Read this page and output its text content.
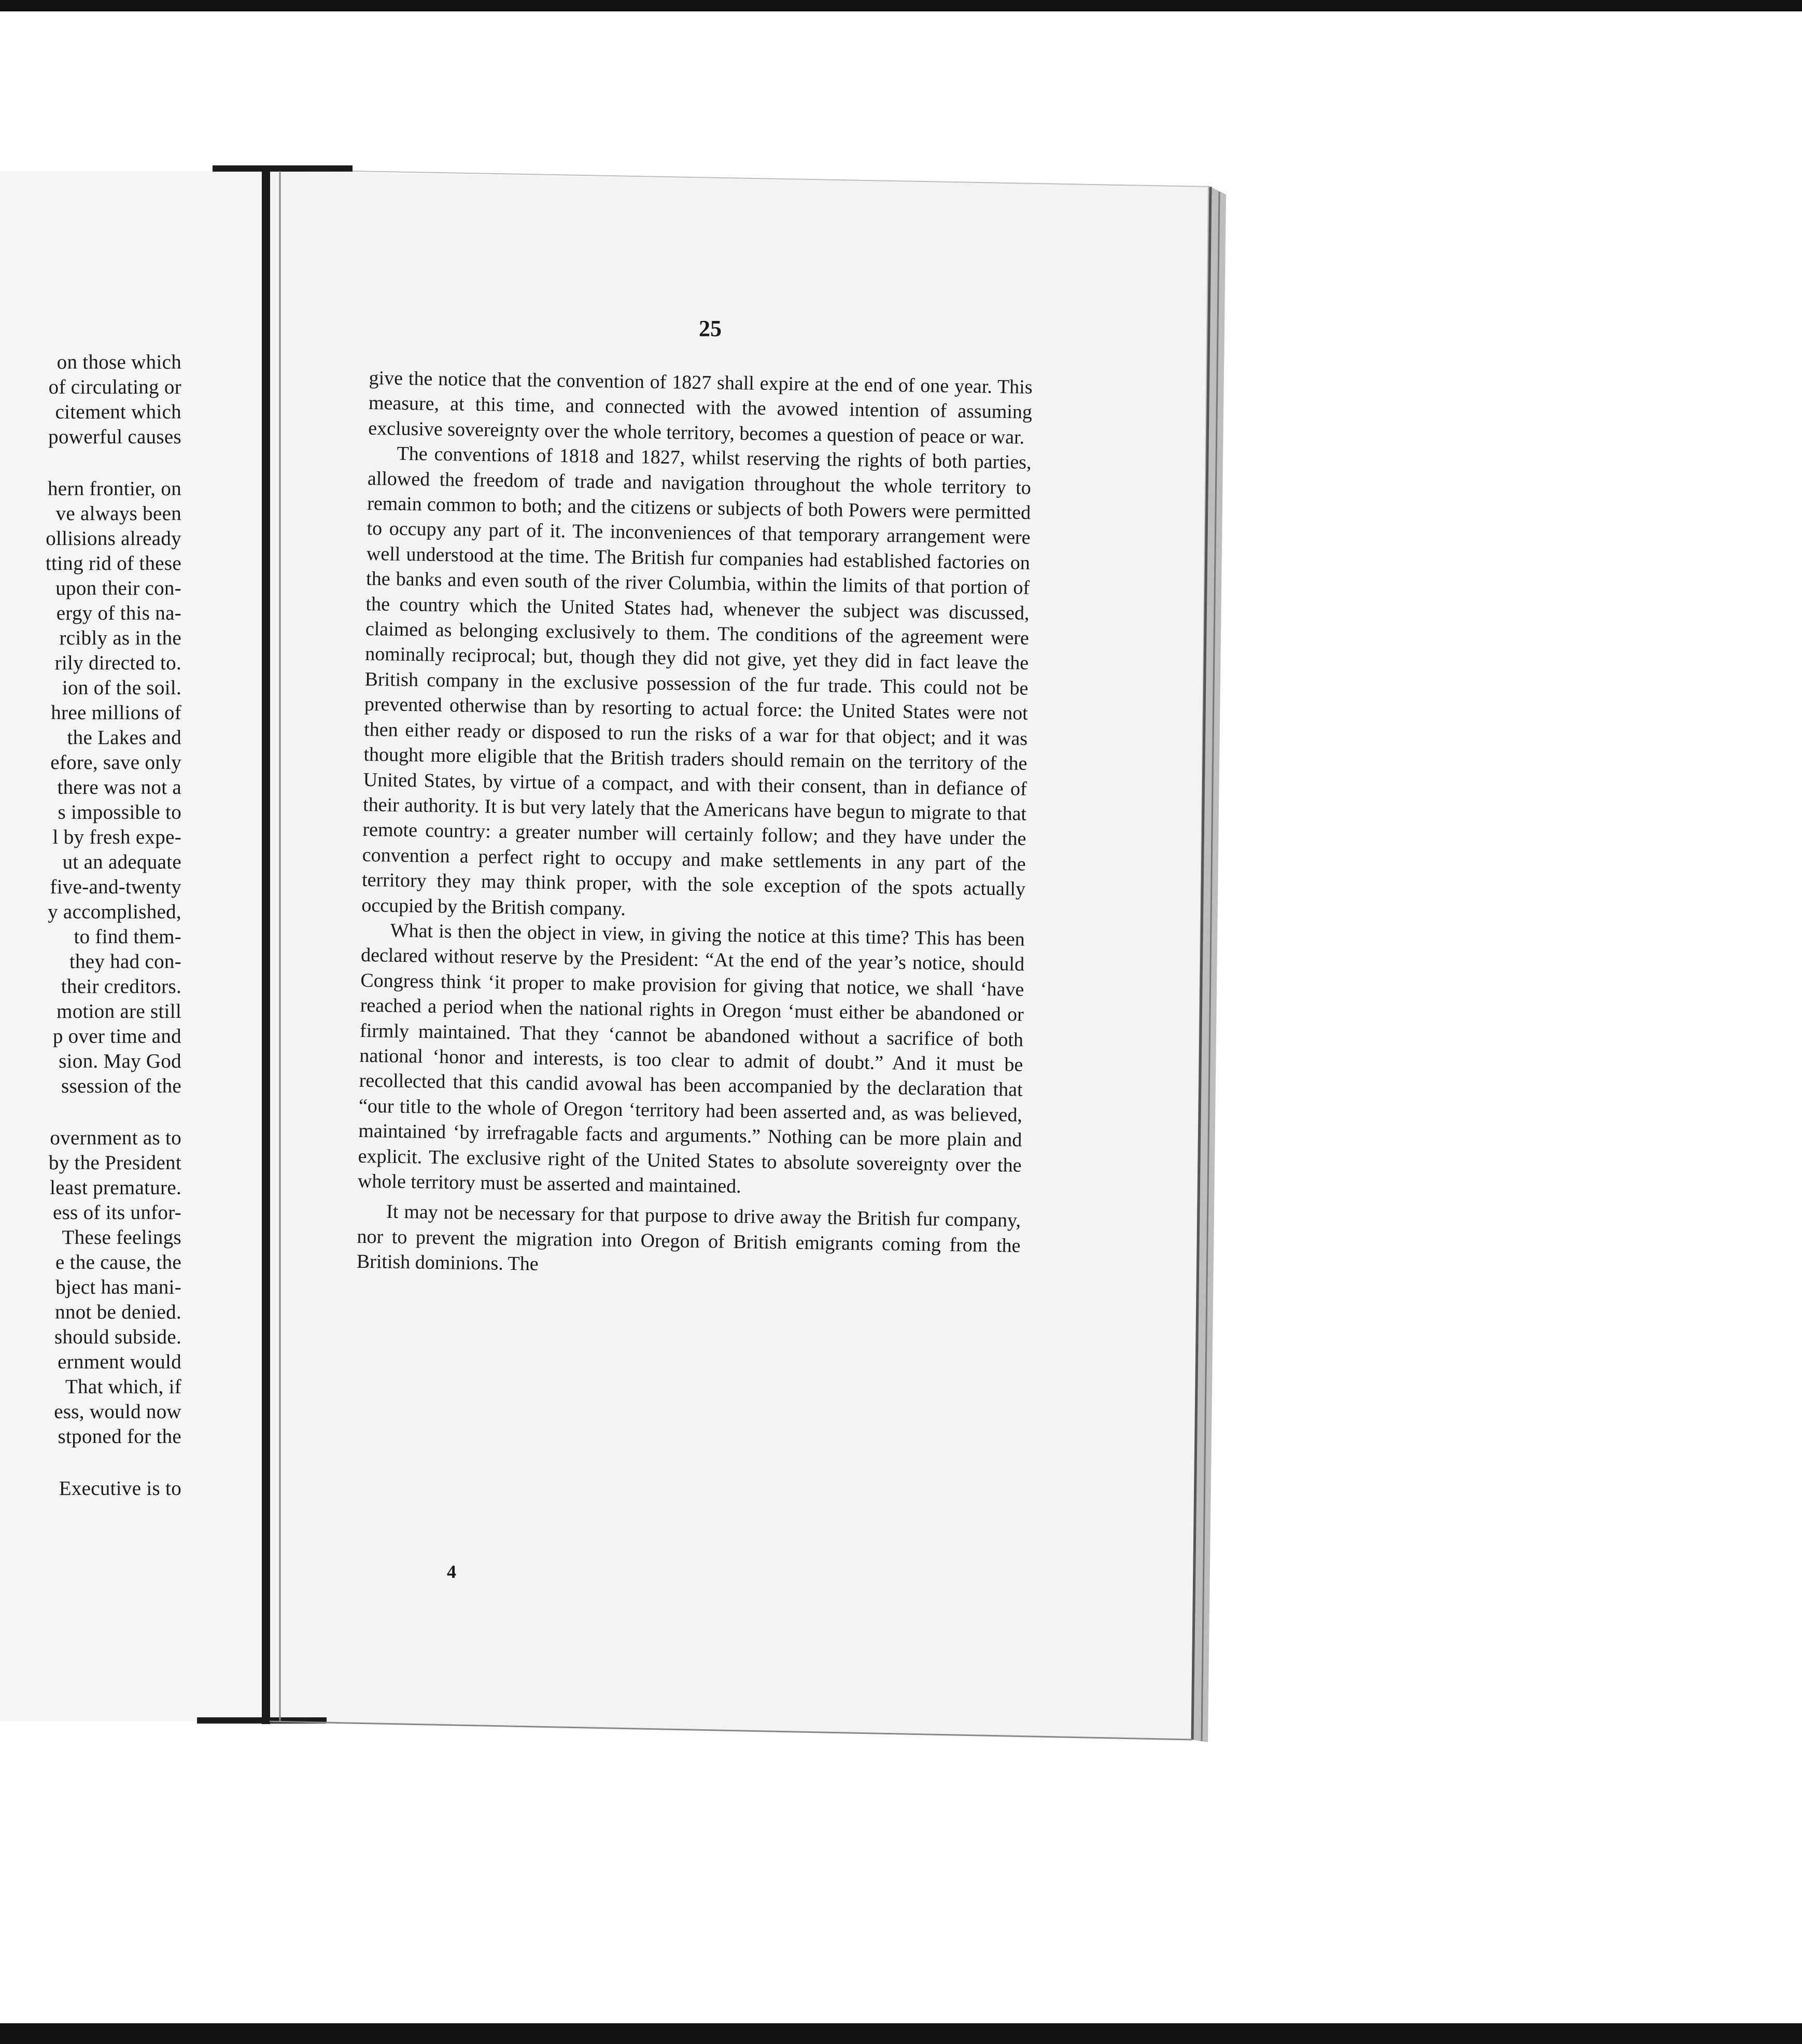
on those which
of circulating or
citement which
powerful causes
hern frontier, on
ve always been
ollisions already
tting rid of these
upon their con-
ergy of this na-
rcibly as in the
rily directed to.
ion of the soil.
hree millions of
the Lakes and
efore, save only
there was not a
s impossible to
l by fresh expe-
ut an adequate
five-and-twenty
y accomplished,
to find them-
they had con-
their creditors.
motion are still
p over time and
sion. May God
ssession of the
overnment as to
by the President
least premature.
ess of its unfor-
These feelings
e the cause, the
bject has mani-
nnot be denied.
should subside.
ernment would
That which, if
ess, would now
stponed for the
Executive is to
25

give the notice that the convention of 1827 shall expire at the end of one year. This measure, at this time, and connected with the avowed intention of assuming exclusive sovereignty over the whole territory, becomes a question of peace or war.

The conventions of 1818 and 1827, whilst reserving the rights of both parties, allowed the freedom of trade and navigation throughout the whole territory to remain common to both; and the citizens or subjects of both Powers were permitted to occupy any part of it. The inconveniences of that temporary arrangement were well understood at the time. The British fur companies had established factories on the banks and even south of the river Columbia, within the limits of that portion of the country which the United States had, whenever the subject was discussed, claimed as belonging exclusively to them. The conditions of the agreement were nominally reciprocal; but, though they did not give, yet they did in fact leave the British company in the exclusive possession of the fur trade. This could not be prevented otherwise than by resorting to actual force: the United States were not then either ready or disposed to run the risks of a war for that object; and it was thought more eligible that the British traders should remain on the territory of the United States, by virtue of a compact, and with their consent, than in defiance of their authority. It is but very lately that the Americans have begun to migrate to that remote country: a greater number will certainly follow; and they have under the convention a perfect right to occupy and make settlements in any part of the territory they may think proper, with the sole exception of the spots actually occupied by the British company.

What is then the object in view, in giving the notice at this time? This has been declared without reserve by the President: “At the end of the year’s notice, should Congress think ‘it proper to make provision for giving that notice, we shall ‘have reached a period when the national rights in Oregon ‘must either be abandoned or firmly maintained. That they ‘cannot be abandoned without a sacrifice of both national ‘honor and interests, is too clear to admit of doubt.” And it must be recollected that this candid avowal has been accompanied by the declaration that “our title to the whole of Oregon ‘territory had been asserted and, as was believed, maintained ‘by irrefragable facts and arguments.” Nothing can be more plain and explicit. The exclusive right of the United States to absolute sovereignty over the whole territory must be asserted and maintained.

It may not be necessary for that purpose to drive away the British fur company, nor to prevent the migration into Oregon of British emigrants coming from the British dominions. The

4
